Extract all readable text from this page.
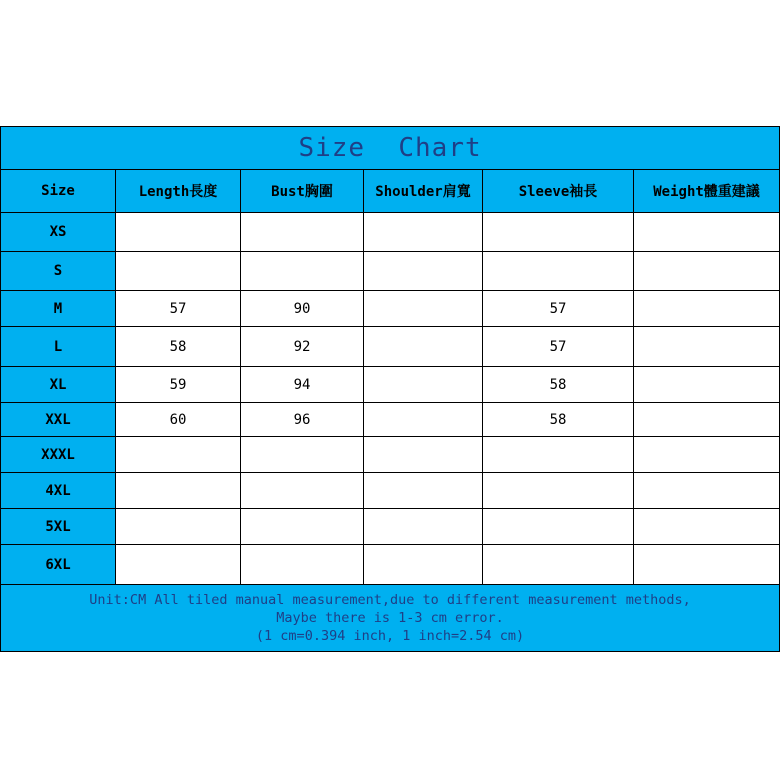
Size  Chart					
Size	Length長度	Bust胸圍	Shoulder肩寬	Sleeve袖長	Weight體重建議
XS					
S					
M	57	90		57	
L	58	92		57	
XL	59	94		58	
XXL	60	96		58	
XXXL					
4XL					
5XL					
6XL					

Unit:CM All tiled manual measurement,due to different measurement methods,
Maybe there is 1-3 cm error.
(1 cm=0.394 inch, 1 inch=2.54 cm)					
